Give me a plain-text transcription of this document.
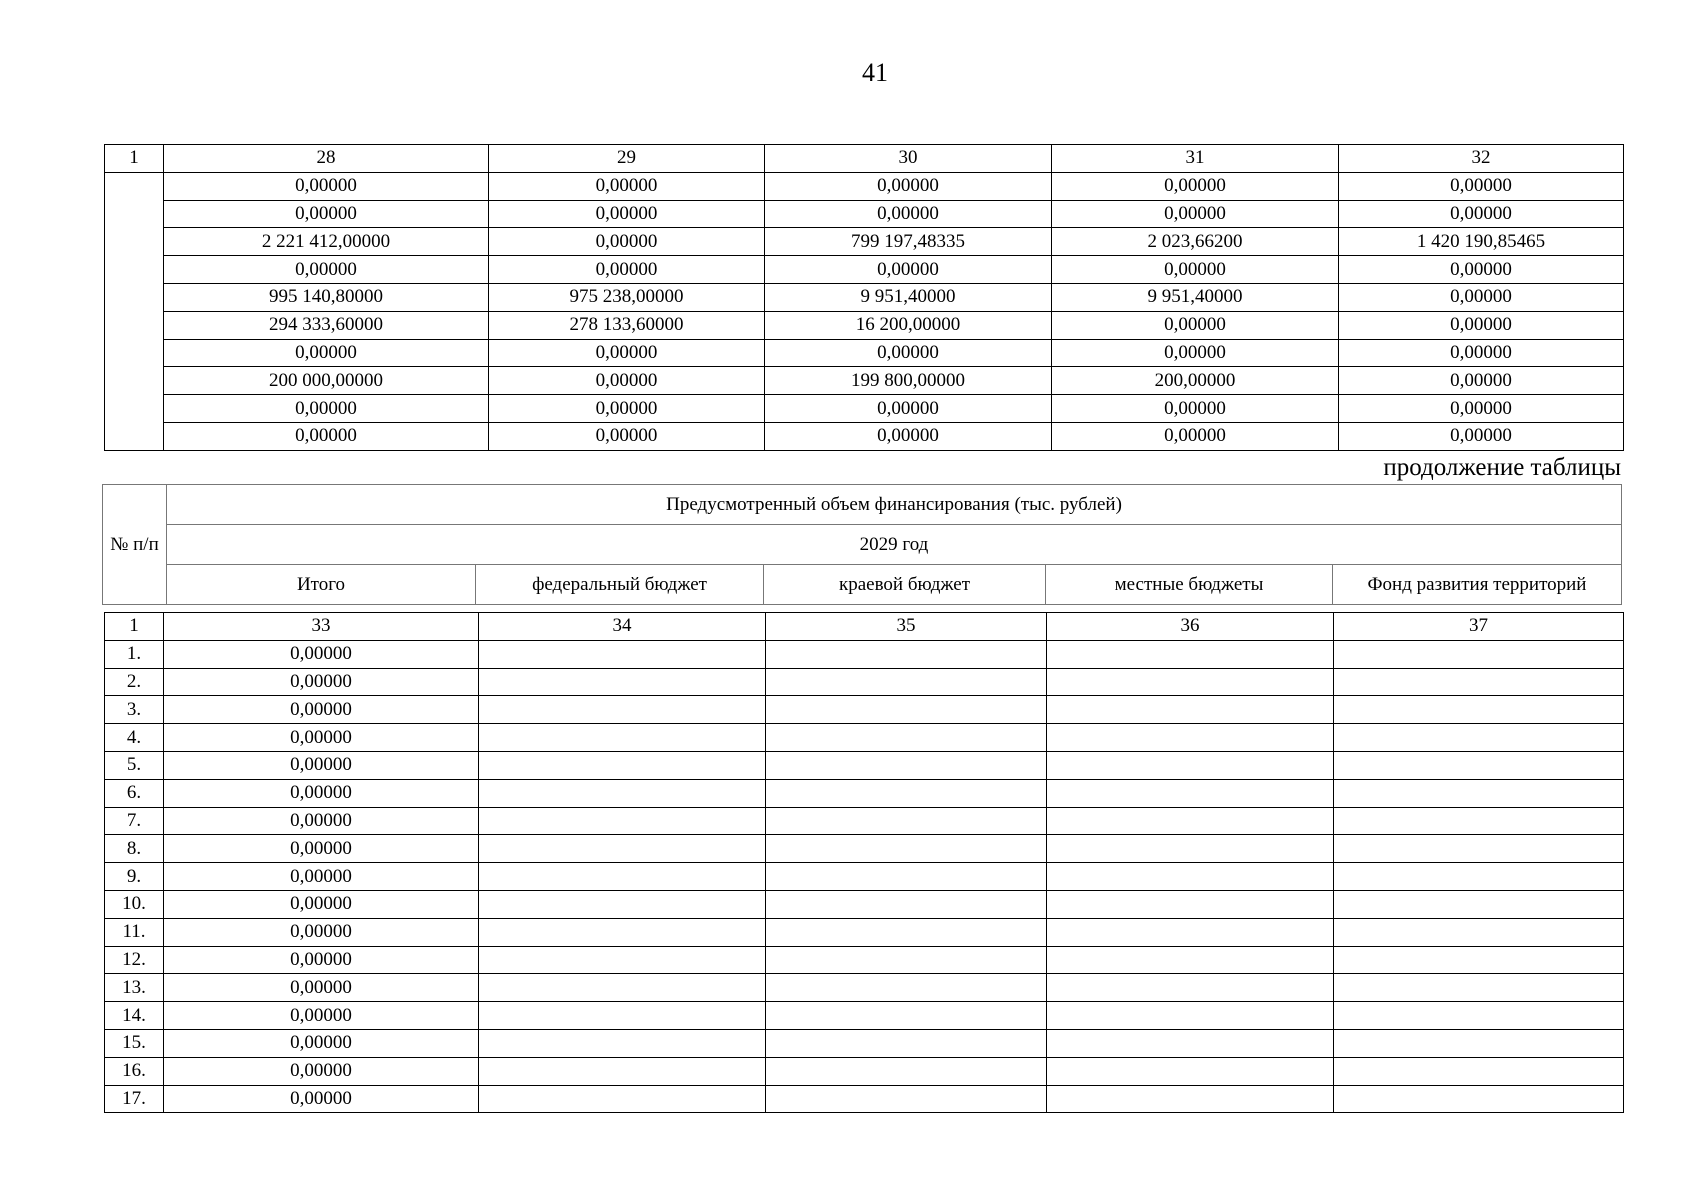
41
1	28	29	30	31	32
	0,00000	0,00000	0,00000	0,00000	0,00000
	0,00000	0,00000	0,00000	0,00000	0,00000
	2 221 412,00000	0,00000	799 197,48335	2 023,66200	1 420 190,85465
	0,00000	0,00000	0,00000	0,00000	0,00000
	995 140,80000	975 238,00000	9 951,40000	9 951,40000	0,00000
	294 333,60000	278 133,60000	16 200,00000	0,00000	0,00000
	0,00000	0,00000	0,00000	0,00000	0,00000
	200 000,00000	0,00000	199 800,00000	200,00000	0,00000
	0,00000	0,00000	0,00000	0,00000	0,00000
	0,00000	0,00000	0,00000	0,00000	0,00000
продолжение таблицы
№ п/п	Предусмотренный объем финансирования (тыс. рублей)				
	2029 год				
	Итого	федеральный бюджет	краевой бюджет	местные бюджеты	Фонд развития территорий
1	33	34	35	36	37
1.	0,00000				
2.	0,00000				
3.	0,00000				
4.	0,00000				
5.	0,00000				
6.	0,00000				
7.	0,00000				
8.	0,00000				
9.	0,00000				
10.	0,00000				
11.	0,00000				
12.	0,00000				
13.	0,00000				
14.	0,00000				
15.	0,00000				
16.	0,00000				
17.	0,00000				
